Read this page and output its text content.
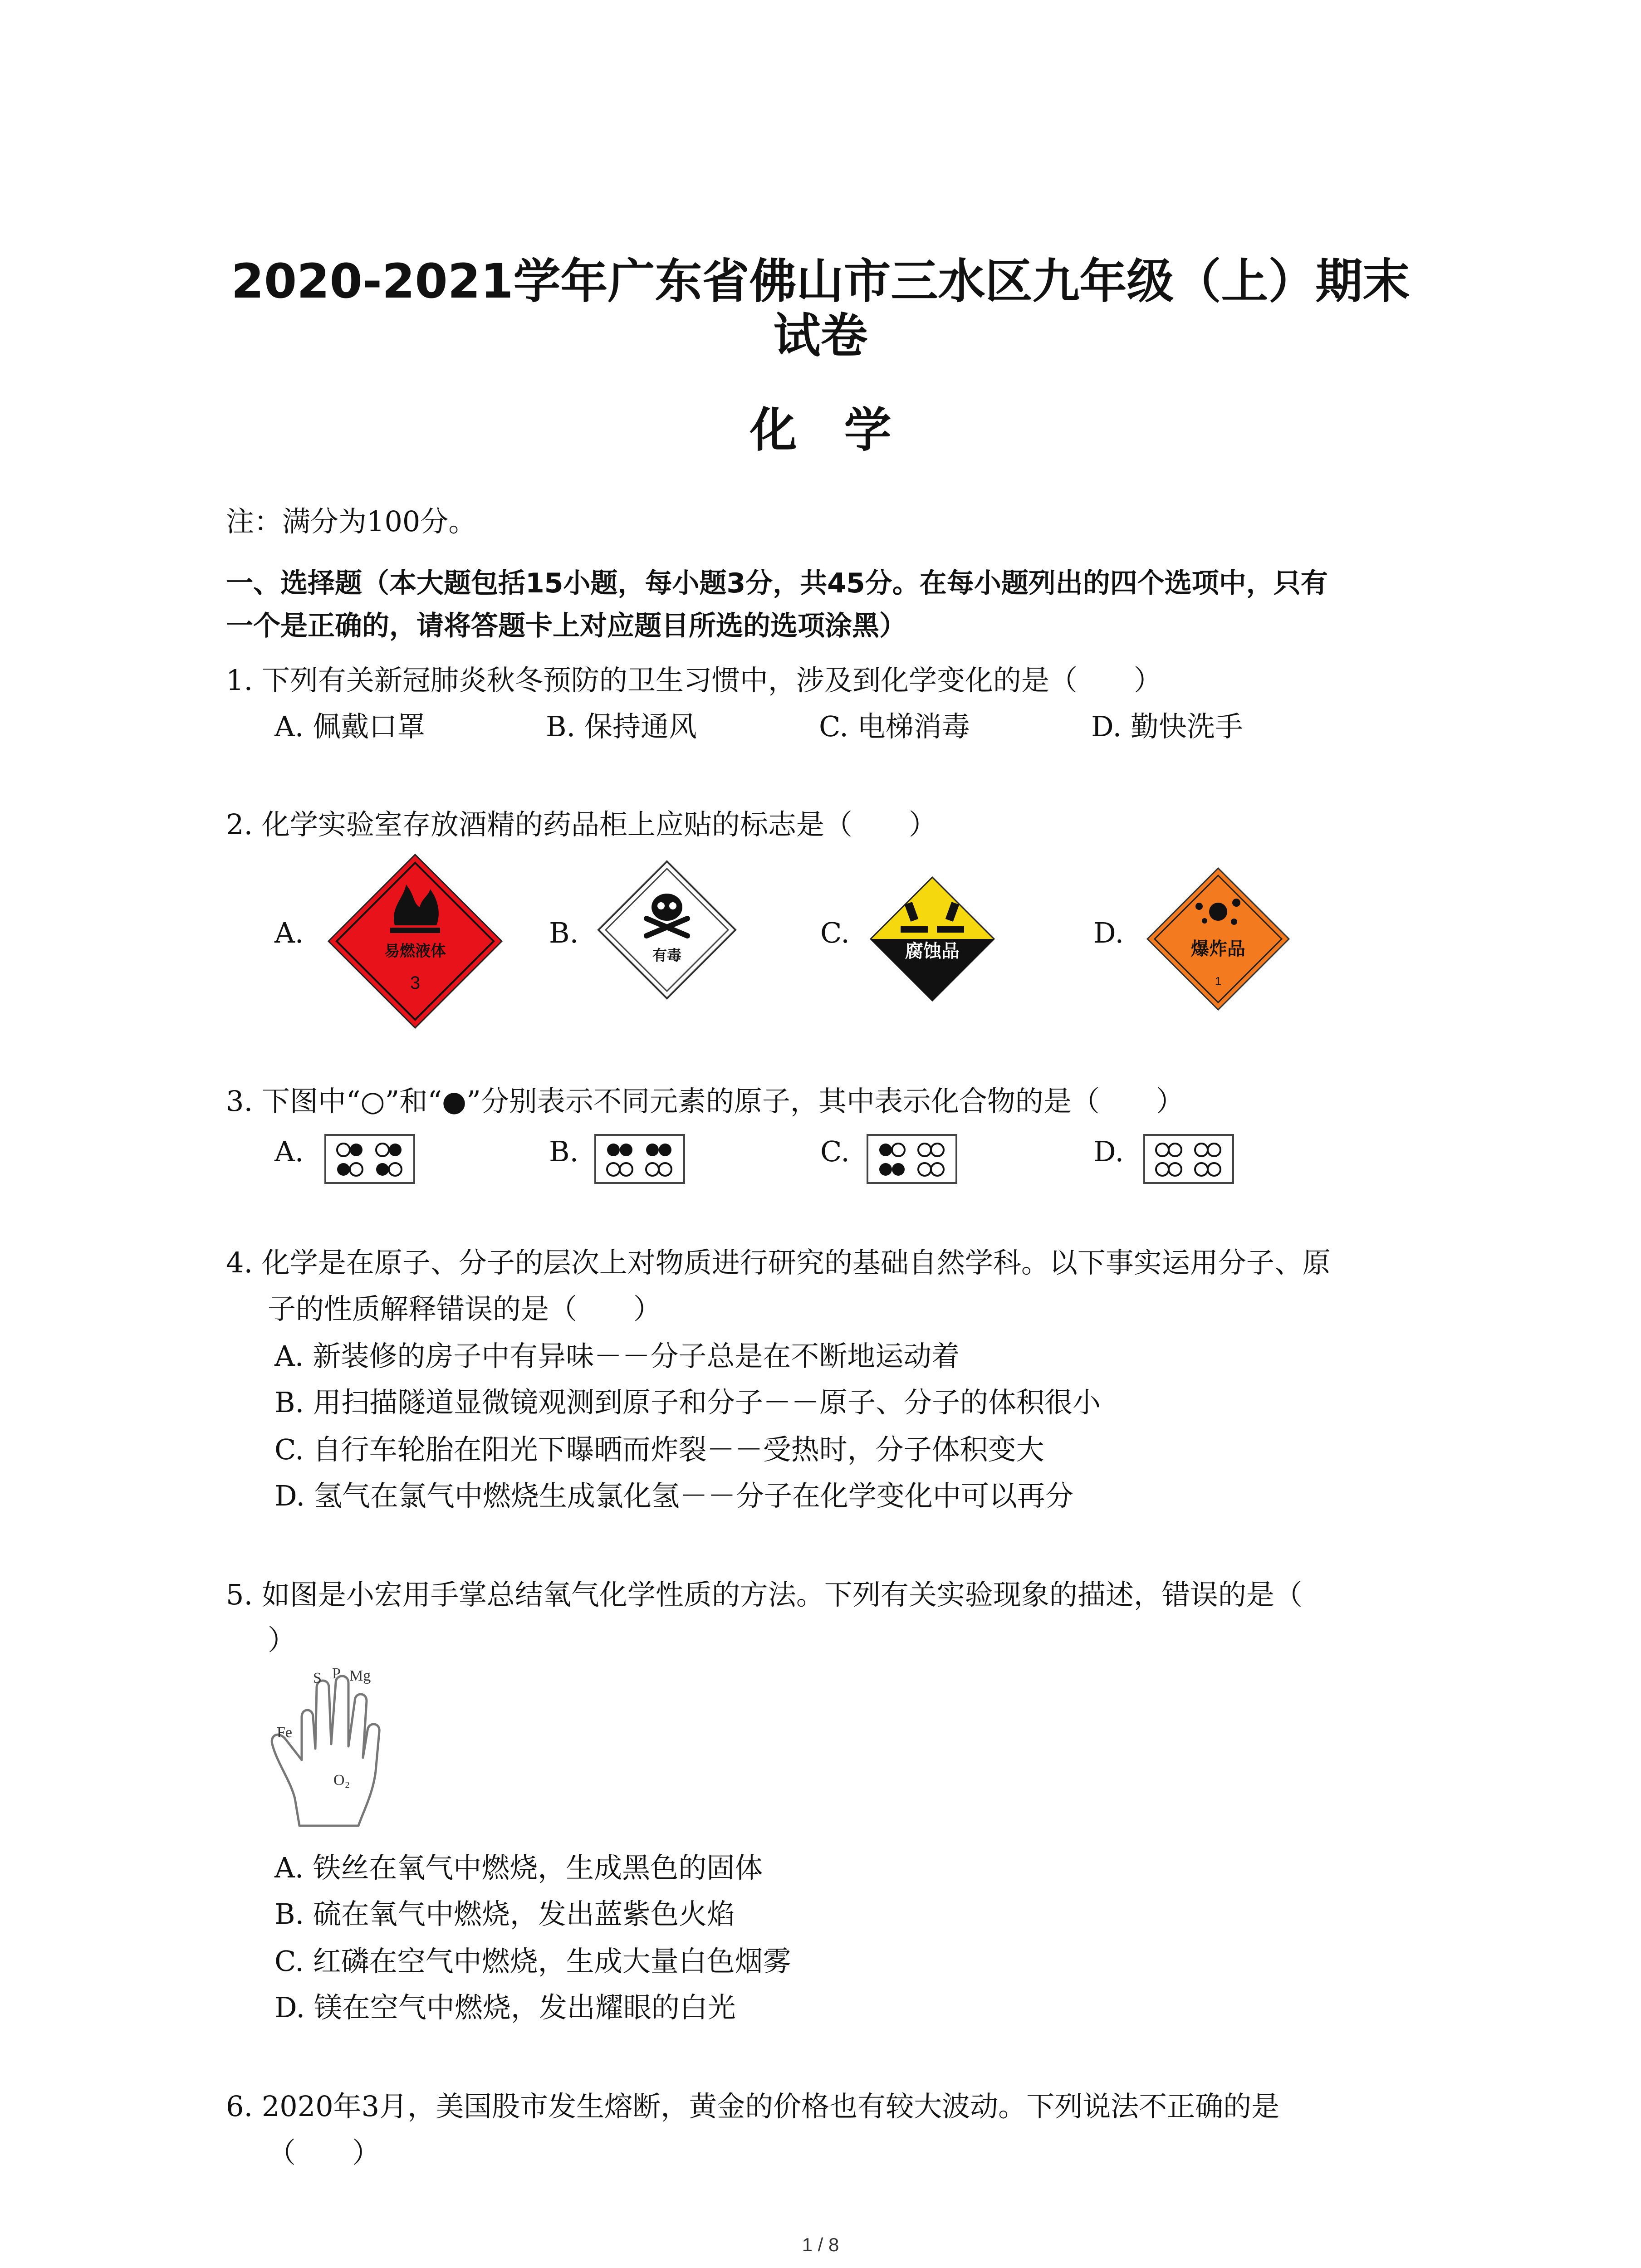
2020-2021学年广东省佛山市三水区九年级（上）期末
试卷
化　学
注：满分为100分。
一、选择题（本大题包括15小题，每小题3分，共45分。在每小题列出的四个选项中，只有
一个是正确的，请将答题卡上对应题目所选的选项涂黑）
1. 下列有关新冠肺炎秋冬预防的卫生习惯中，涉及到化学变化的是（　　）
A. 佩戴口罩	B. 保持通风	C. 电梯消毒	D. 勤快洗手
2. 化学实验室存放酒精的药品柜上应贴的标志是（　　）
A.	B.	C.	D.
易燃液体
3
有毒	腐蚀品	爆炸品
1
3. 下图中“○”和“●”分别表示不同元素的原子，其中表示化合物的是（　　）
A.	B.	C.	D.
4. 化学是在原子、分子的层次上对物质进行研究的基础自然学科。以下事实运用分子、原
子的性质解释错误的是（　　）
A. 新装修的房子中有异味－－分子总是在不断地运动着
B. 用扫描隧道显微镜观测到原子和分子－－原子、分子的体积很小
C. 自行车轮胎在阳光下曝晒而炸裂－－受热时，分子体积变大
D. 氢气在氯气中燃烧生成氯化氢－－分子在化学变化中可以再分
5. 如图是小宏用手掌总结氧气化学性质的方法。下列有关实验现象的描述，错误的是（
）
Fe
S P Mg
O₂
A. 铁丝在氧气中燃烧，生成黑色的固体
B. 硫在氧气中燃烧，发出蓝紫色火焰
C. 红磷在空气中燃烧，生成大量白色烟雾
D. 镁在空气中燃烧，发出耀眼的白光
6. 2020年3月，美国股市发生熔断，黄金的价格也有较大波动。下列说法不正确的是
（　　）
1 / 8
